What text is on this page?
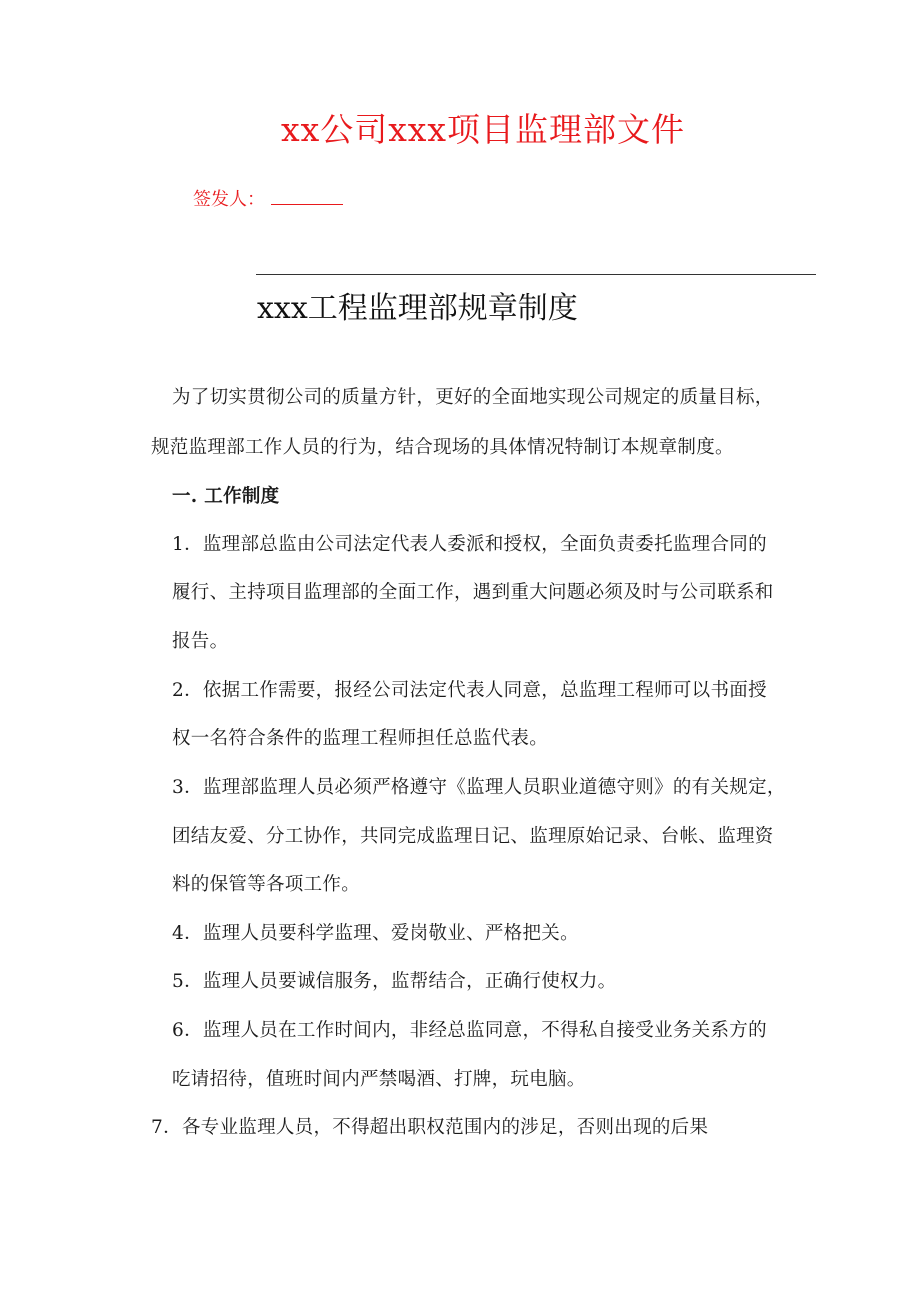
xx公司xxx项目监理部文件
签发人：
xxx工程监理部规章制度
为了切实贯彻公司的质量方针，更好的全面地实现公司规定的质量目标，
规范监理部工作人员的行为，结合现场的具体情况特制订本规章制度。
一. 工作制度
1．监理部总监由公司法定代表人委派和授权，全面负责委托监理合同的
履行、主持项目监理部的全面工作，遇到重大问题必须及时与公司联系和
报告。
2．依据工作需要，报经公司法定代表人同意，总监理工程师可以书面授
权一名符合条件的监理工程师担任总监代表。
3．监理部监理人员必须严格遵守《监理人员职业道德守则》的有关规定，
团结友爱、分工协作，共同完成监理日记、监理原始记录、台帐、监理资
料的保管等各项工作。
4．监理人员要科学监理、爱岗敬业、严格把关。
5．监理人员要诚信服务，监帮结合，正确行使权力。
6．监理人员在工作时间内，非经总监同意，不得私自接受业务关系方的
吃请招待，值班时间内严禁喝酒、打牌，玩电脑。
7．各专业监理人员，不得超出职权范围内的涉足，否则出现的后果
